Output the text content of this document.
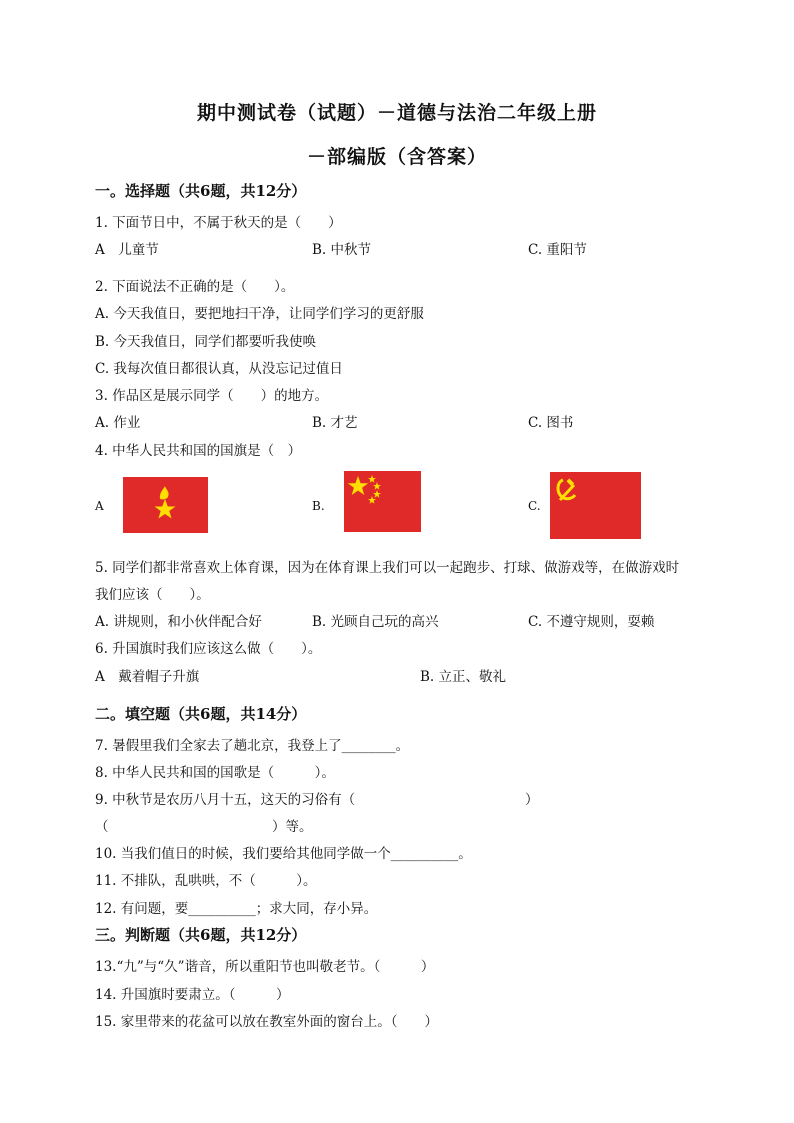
期中测试卷（试题）－道德与法治二年级上册
－部编版（含答案）
一。选择题（共6题，共12分）
1. 下面节日中，不属于秋天的是（　　）
A　儿童节	B. 中秋节	C. 重阳节
2. 下面说法不正确的是（　　）。
A. 今天我值日，要把地扫干净，让同学们学习的更舒服
B. 今天我值日，同学们都要听我使唤
C. 我每次值日都很认真，从没忘记过值日
3. 作品区是展示同学（　　）的地方。
A. 作业	B. 才艺	C. 图书
4. 中华人民共和国的国旗是（　）
A	B.	C.
5. 同学们都非常喜欢上体育课，因为在体育课上我们可以一起跑步、打球、做游戏等，在做游戏时
我们应该（　　）。
A. 讲规则，和小伙伴配合好	B. 光顾自己玩的高兴	C. 不遵守规则，耍赖
6. 升国旗时我们应该这么做（　　）。
A　戴着帽子升旗	B. 立正、敬礼
二。填空题（共6题，共14分）
7. 暑假里我们全家去了趟北京，我登上了________。
8. 中华人民共和国的国歌是（　　　）。
9. 中秋节是农历八月十五，这天的习俗有（	）
（	）等。
10. 当我们值日的时候，我们要给其他同学做一个__________。
11. 不排队，乱哄哄，不（　　　）。
12. 有问题，要__________；求大同，存小异。
三。判断题（共6题，共12分）
13.“九”与“久”谐音，所以重阳节也叫敬老节。（　　　）
14. 升国旗时要肃立。（　　　）
15. 家里带来的花盆可以放在教室外面的窗台上。（　　）
